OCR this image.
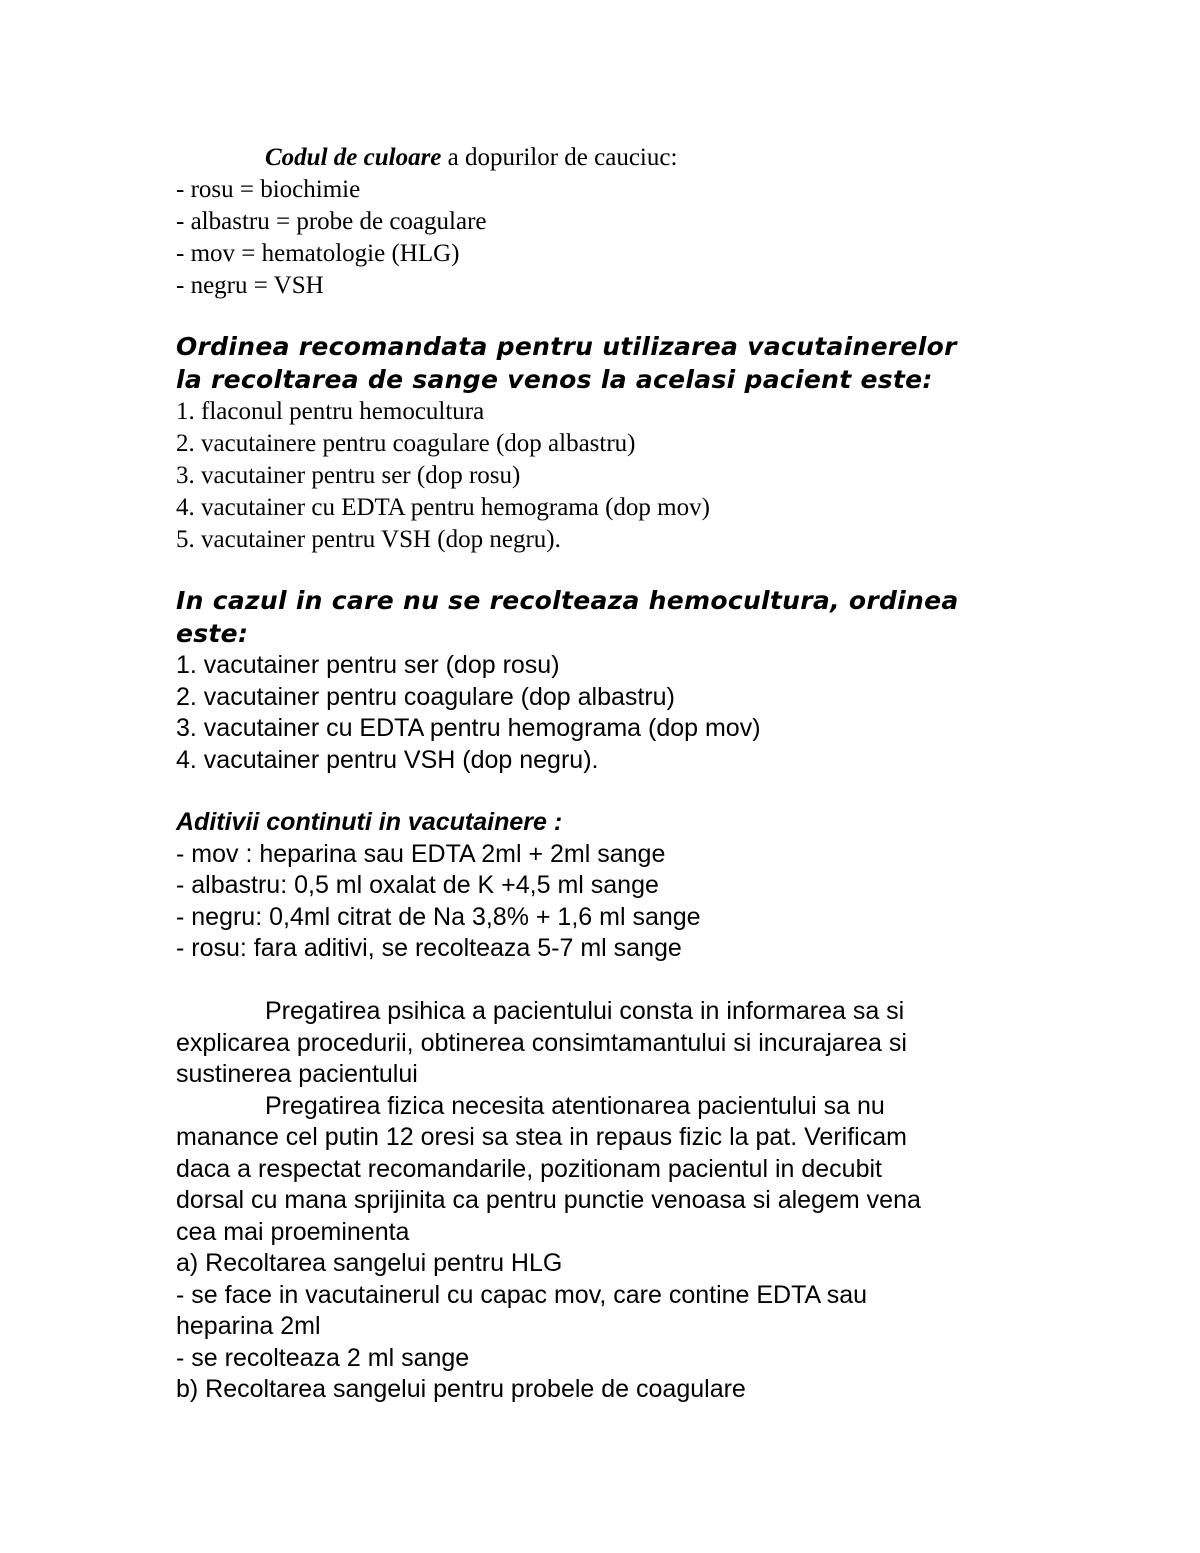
Codul de culoare a dopurilor de cauciuc:
- rosu = biochimie
- albastru = probe de coagulare
- mov = hematologie (HLG)
- negru = VSH
Ordinea recomandata pentru utilizarea vacutainerelor
la recoltarea de sange venos la acelasi pacient este:
1. flaconul pentru hemocultura
2. vacutainere pentru coagulare (dop albastru)
3. vacutainer pentru ser (dop rosu)
4. vacutainer cu EDTA pentru hemograma (dop mov)
5. vacutainer pentru VSH (dop negru).
In cazul in care nu se recolteaza hemocultura, ordinea
este:
1. vacutainer pentru ser (dop rosu)
2. vacutainer pentru coagulare (dop albastru)
3. vacutainer cu EDTA pentru hemograma (dop mov)
4. vacutainer pentru VSH (dop negru).
Aditivii continuti in vacutainere :
- mov : heparina sau EDTA 2ml + 2ml sange
- albastru: 0,5 ml oxalat de K +4,5 ml sange
- negru: 0,4ml citrat de Na 3,8% + 1,6 ml sange
- rosu: fara aditivi, se recolteaza 5-7 ml sange
Pregatirea psihica a pacientului consta in informarea sa si
explicarea procedurii, obtinerea consimtamantului si incurajarea si
sustinerea pacientului
Pregatirea fizica necesita atentionarea pacientului sa nu
manance cel putin 12 oresi sa stea in repaus fizic la pat. Verificam
daca a respectat recomandarile, pozitionam pacientul in decubit
dorsal cu mana sprijinita ca pentru punctie venoasa si alegem vena
cea mai proeminenta
a) Recoltarea sangelui pentru HLG
- se face in vacutainerul cu capac mov, care contine EDTA sau
heparina 2ml
- se recolteaza 2 ml sange
b) Recoltarea sangelui pentru probele de coagulare
